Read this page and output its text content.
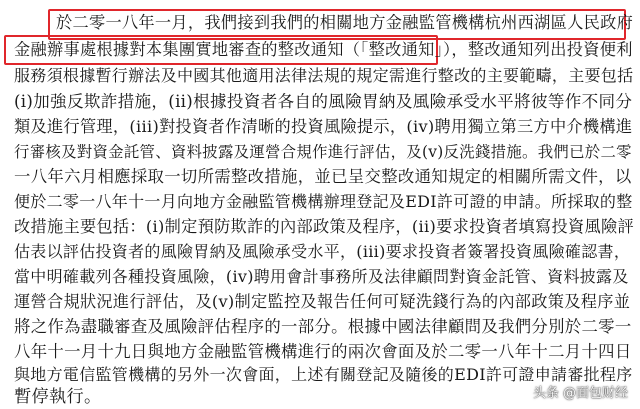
於二零一八年一月，我們接到我們的相關地方金融監管機構杭州西湖區人民政府
金融辦事處根據對本集團實地審查的整改通知（「整改通知」），整改通知列出投資便利
服務須根據暫行辦法及中國其他適用法律法規的規定需進行整改的主要範疇，主要包括
(i)加強反欺詐措施，(ii)根據投資者各自的風險胃納及風險承受水平將彼等作不同分
類及進行管理，(iii)對投資者作清晰的投資風險提示，(iv)聘用獨立第三方中介機構進
行審核及對資金託管、資料披露及運營合規作進行評估，及(v)反洗錢措施。我們已於二零
一八年六月相應採取一切所需整改措施，並已呈交整改通知規定的相關所需文件，以
便於二零一八年十一月向地方金融監管機構辦理登記及EDI許可證的申請。所採取的整
改措施主要包括：(i)制定預防欺詐的內部政策及程序，(ii)要求投資者填寫投資風險評
估表以評估投資者的風險胃納及風險承受水平，(iii)要求投資者簽署投資風險確認書，
當中明確載列各種投資風險，(iv)聘用會計事務所及法律顧問對資金託管、資料披露及
運營合規狀況進行評估，及(v)制定監控及報告任何可疑洗錢行為的內部政策及程序並
將之作為盡職審查及風險評估程序的一部分。根據中國法律顧問及我們分別於二零一
八年十一月十九日與地方金融監管機構進行的兩次會面及於二零一八年十二月十四日
與地方電信監管機構的另外一次會面，上述有關登記及隨後的EDI許可證申請審批程序
暫停執行。	头条 @面包财经
